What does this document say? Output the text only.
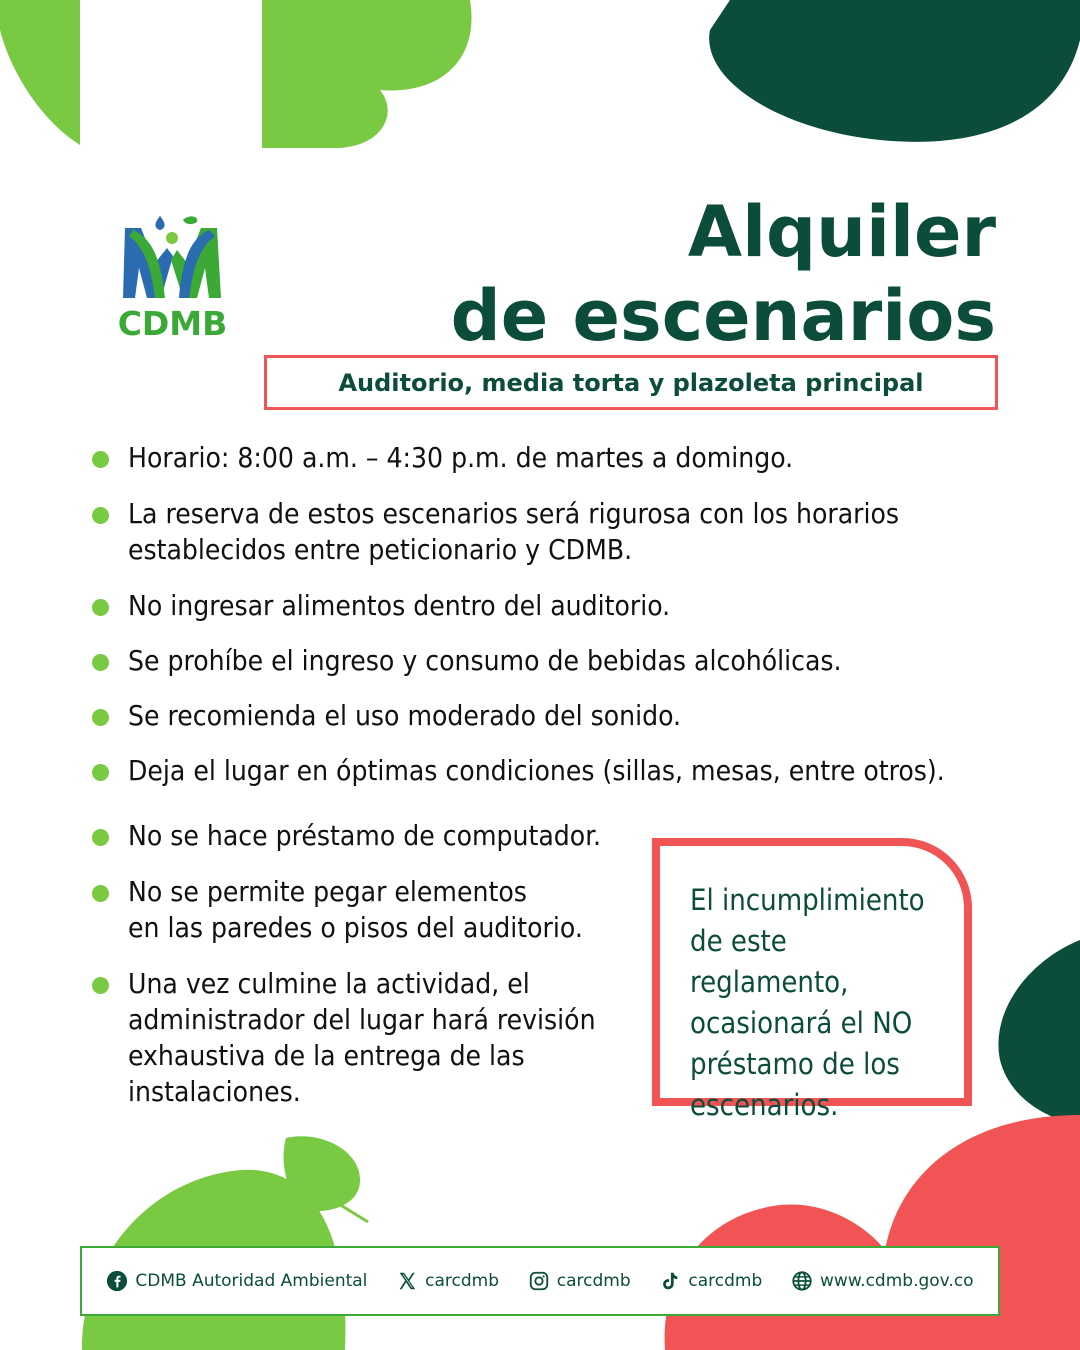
CDMB
Alquiler
de escenarios
Auditorio, media torta y plazoleta principal
Horario: 8:00 a.m. – 4:30 p.m. de martes a domingo.
La reserva de estos escenarios será rigurosa con los horarios
establecidos entre peticionario y CDMB.
No ingresar alimentos dentro del auditorio.
Se prohíbe el ingreso y consumo de bebidas alcohólicas.
Se recomienda el uso moderado del sonido.
Deja el lugar en óptimas condiciones (sillas, mesas, entre otros).
No se hace préstamo de computador.
No se permite pegar elementos
en las paredes o pisos del auditorio.
Una vez culmine la actividad, el
administrador del lugar hará revisión
exhaustiva de la entrega de las
instalaciones.
El incumplimiento
de este reglamento,
ocasionará el NO
préstamo de los
escenarios.
CDMB Autoridad Ambiental	carcdmb	carcdmb	carcdmb	www.cdmb.gov.co
